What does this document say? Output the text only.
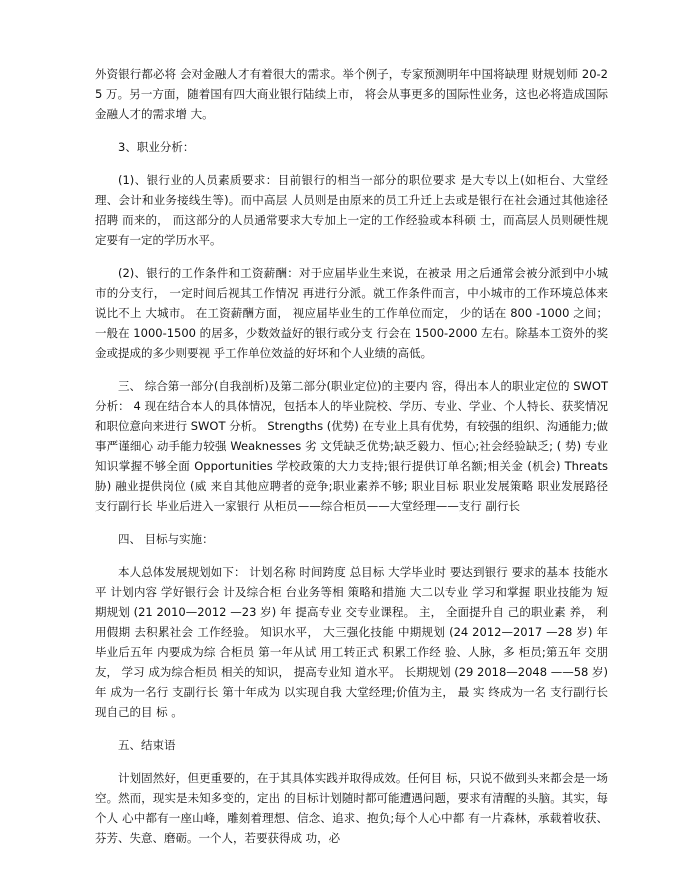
外资银行都必将 会对金融人才有着很大的需求。举个例子，专家预测明年中国将缺理 财规划师 20-25 万。另一方面，随着国有四大商业银行陆续上市， 将会从事更多的国际性业务，这也必将造成国际金融人才的需求增 大。
3、职业分析：
(1)、银行业的人员素质要求：目前银行的相当一部分的职位要求 是大专以上(如柜台、大堂经理、会计和业务接线生等)。而中高层 人员则是由原来的员工升迁上去或是银行在社会通过其他途径招聘 而来的， 而这部分的人员通常要求大专加上一定的工作经验或本科硕 士，而高层人员则硬性规定要有一定的学历水平。
(2)、银行的工作条件和工资薪酬：对于应届毕业生来说，在被录 用之后通常会被分派到中小城市的分支行， 一定时间后视其工作情况 再进行分派。就工作条件而言，中小城市的工作环境总体来说比不上 大城市。 在工资薪酬方面， 视应届毕业生的工作单位而定， 少的话在 800 -1000 之间；一般在 1000-1500 的居多，少数效益好的银行或分支 行会在 1500-2000 左右。除基本工资外的奖金或提成的多少则要视 乎工作单位效益的好坏和个人业绩的高低。
三、 综合第一部分(自我剖析)及第二部分(职业定位)的主要内 容，得出本人的职业定位的 SWOT 分析： 4 现在结合本人的具体情况，包括本人的毕业院校、学历、专业、学业、个人特长、获奖情况和职位意向来进行 SWOT 分析。 Strengths (优势) 在专业上具有优势，有较强的组织、沟通能力;做 事严谨细心 动手能力较强 Weaknesses 劣 文凭缺乏优势;缺乏毅力、恒心;社会经验缺乏; ( 势) 专业知识掌握不够全面 Opportunities 学校政策的大力支持;银行提供订单名额;相关金 (机会) Threats 胁) 融业提供岗位 (威 来自其他应聘者的竞争;职业素养不够; 职业目标 职业发展策略 职业发展路径 支行副行长 毕业后进入一家银行 从柜员——综合柜员——大堂经理——支行 副行长
四、 目标与实施：
本人总体发展规划如下： 计划名称 时间跨度 总目标 大学毕业时 要达到银行 要求的基本 技能水平 计划内容 学好银行会 计及综合柜 台业务等相 策略和措施 大二以专业 学习和掌握 职业技能为 短期规划 (21 2010—2012 —23 岁) 年 提高专业 交专业课程。 主， 全面提升自 己的职业素 养， 利用假期 去积累社会 工作经验。 知识水平， 大三强化技能 中期规划 (24 2012—2017 —28 岁) 年 毕业后五年 内要成为综 合柜员 第一年从试 用工转正式 积累工作经 验、人脉，多 柜员;第五年 交朋友， 学习 成为综合柜员 相关的知识， 提高专业知 道水平。 长期规划 (29 2018—2048 ——58 岁) 年 成为一名行 支副行长 第十年成为 以实现自我 大堂经理;价值为主， 最 实 终成为一名 支行副行长 现自己的目 标 。
五、结束语
计划固然好，但更重要的，在于其具体实践并取得成效。任何目 标，只说不做到头来都会是一场空。然而，现实是未知多变的，定出 的目标计划随时都可能遭遇问题，要求有清醒的头脑。其实，每个人 心中都有一座山峰，雕刻着理想、信念、追求、抱负;每个人心中都 有一片森林，承载着收获、芬芳、失意、磨砺。一个人，若要获得成 功，必
